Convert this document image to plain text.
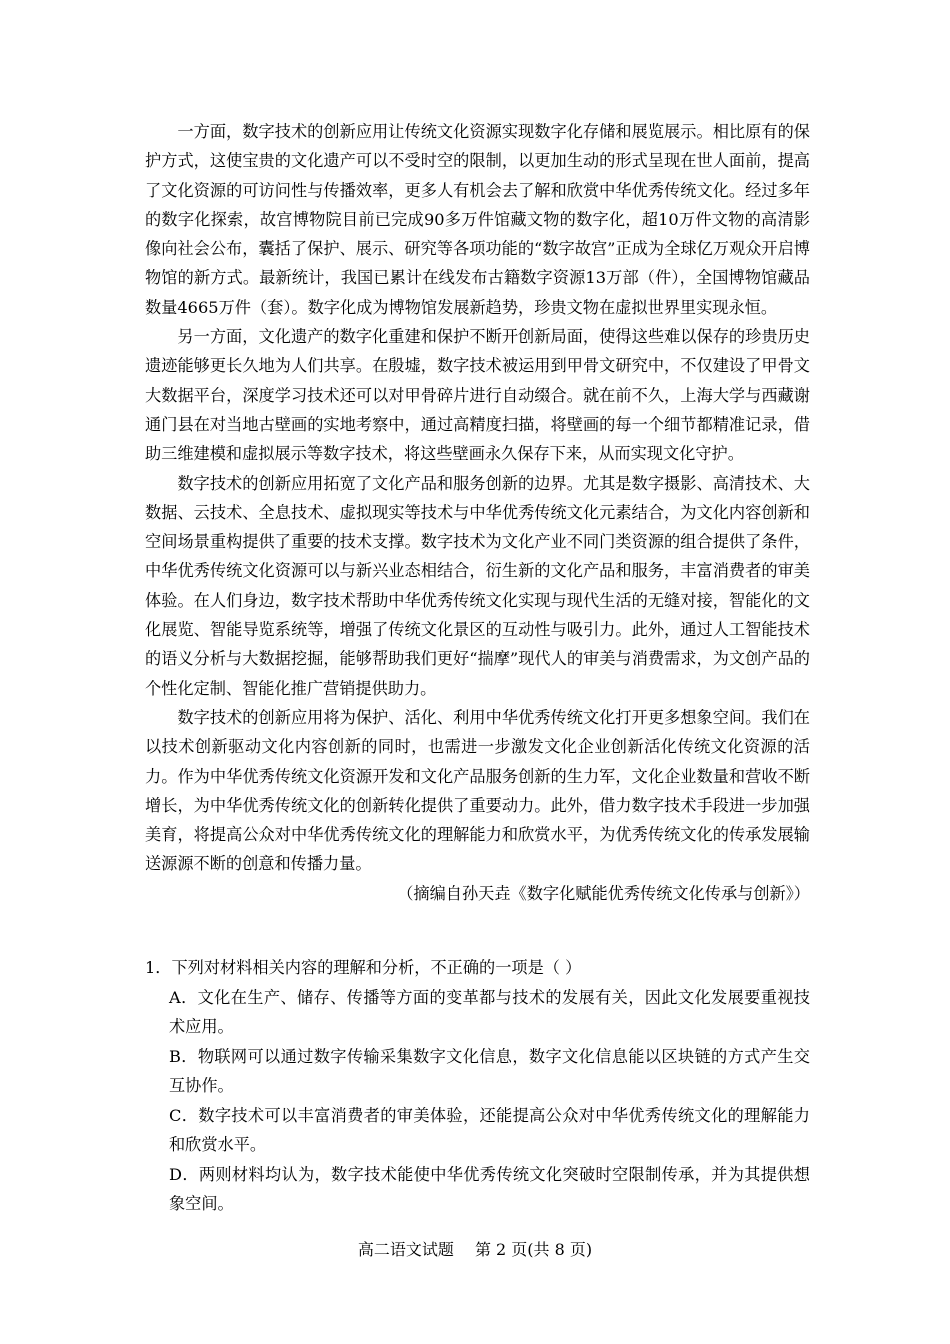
一方面，数字技术的创新应用让传统文化资源实现数字化存储和展览展示。相比原有的保护方式，这使宝贵的文化遗产可以不受时空的限制，以更加生动的形式呈现在世人面前，提高了文化资源的可访问性与传播效率，更多人有机会去了解和欣赏中华优秀传统文化。经过多年的数字化探索，故宫博物院目前已完成90多万件馆藏文物的数字化，超10万件文物的高清影像向社会公布，囊括了保护、展示、研究等各项功能的“数字故宫”正成为全球亿万观众开启博物馆的新方式。最新统计，我国已累计在线发布古籍数字资源13万部（件），全国博物馆藏品数量4665万件（套）。数字化成为博物馆发展新趋势，珍贵文物在虚拟世界里实现永恒。

另一方面，文化遗产的数字化重建和保护不断开创新局面，使得这些难以保存的珍贵历史遗迹能够更长久地为人们共享。在殷墟，数字技术被运用到甲骨文研究中，不仅建设了甲骨文大数据平台，深度学习技术还可以对甲骨碎片进行自动缀合。就在前不久，上海大学与西藏谢通门县在对当地古壁画的实地考察中，通过高精度扫描，将壁画的每一个细节都精准记录，借助三维建模和虚拟展示等数字技术，将这些壁画永久保存下来，从而实现文化守护。

数字技术的创新应用拓宽了文化产品和服务创新的边界。尤其是数字摄影、高清技术、大数据、云技术、全息技术、虚拟现实等技术与中华优秀传统文化元素结合，为文化内容创新和空间场景重构提供了重要的技术支撑。数字技术为文化产业不同门类资源的组合提供了条件，中华优秀传统文化资源可以与新兴业态相结合，衍生新的文化产品和服务，丰富消费者的审美体验。在人们身边，数字技术帮助中华优秀传统文化实现与现代生活的无缝对接，智能化的文化展览、智能导览系统等，增强了传统文化景区的互动性与吸引力。此外，通过人工智能技术的语义分析与大数据挖掘，能够帮助我们更好“揣摩”现代人的审美与消费需求，为文创产品的个性化定制、智能化推广营销提供助力。

数字技术的创新应用将为保护、活化、利用中华优秀传统文化打开更多想象空间。我们在以技术创新驱动文化内容创新的同时，也需进一步激发文化企业创新活化传统文化资源的活力。作为中华优秀传统文化资源开发和文化产品服务创新的生力军，文化企业数量和营收不断增长，为中华优秀传统文化的创新转化提供了重要动力。此外，借力数字技术手段进一步加强美育，将提高公众对中华优秀传统文化的理解能力和欣赏水平，为优秀传统文化的传承发展输送源源不断的创意和传播力量。

（摘编自孙天垚《数字化赋能优秀传统文化传承与创新》）

1．下列对材料相关内容的理解和分析，不正确的一项是（ ）

A．文化在生产、储存、传播等方面的变革都与技术的发展有关，因此文化发展要重视技术应用。

B．物联网可以通过数字传输采集数字文化信息，数字文化信息能以区块链的方式产生交互协作。

C．数字技术可以丰富消费者的审美体验，还能提高公众对中华优秀传统文化的理解能力和欣赏水平。

D．两则材料均认为，数字技术能使中华优秀传统文化突破时空限制传承，并为其提供想象空间。

高二语文试题　 第 2 页(共 8 页)
